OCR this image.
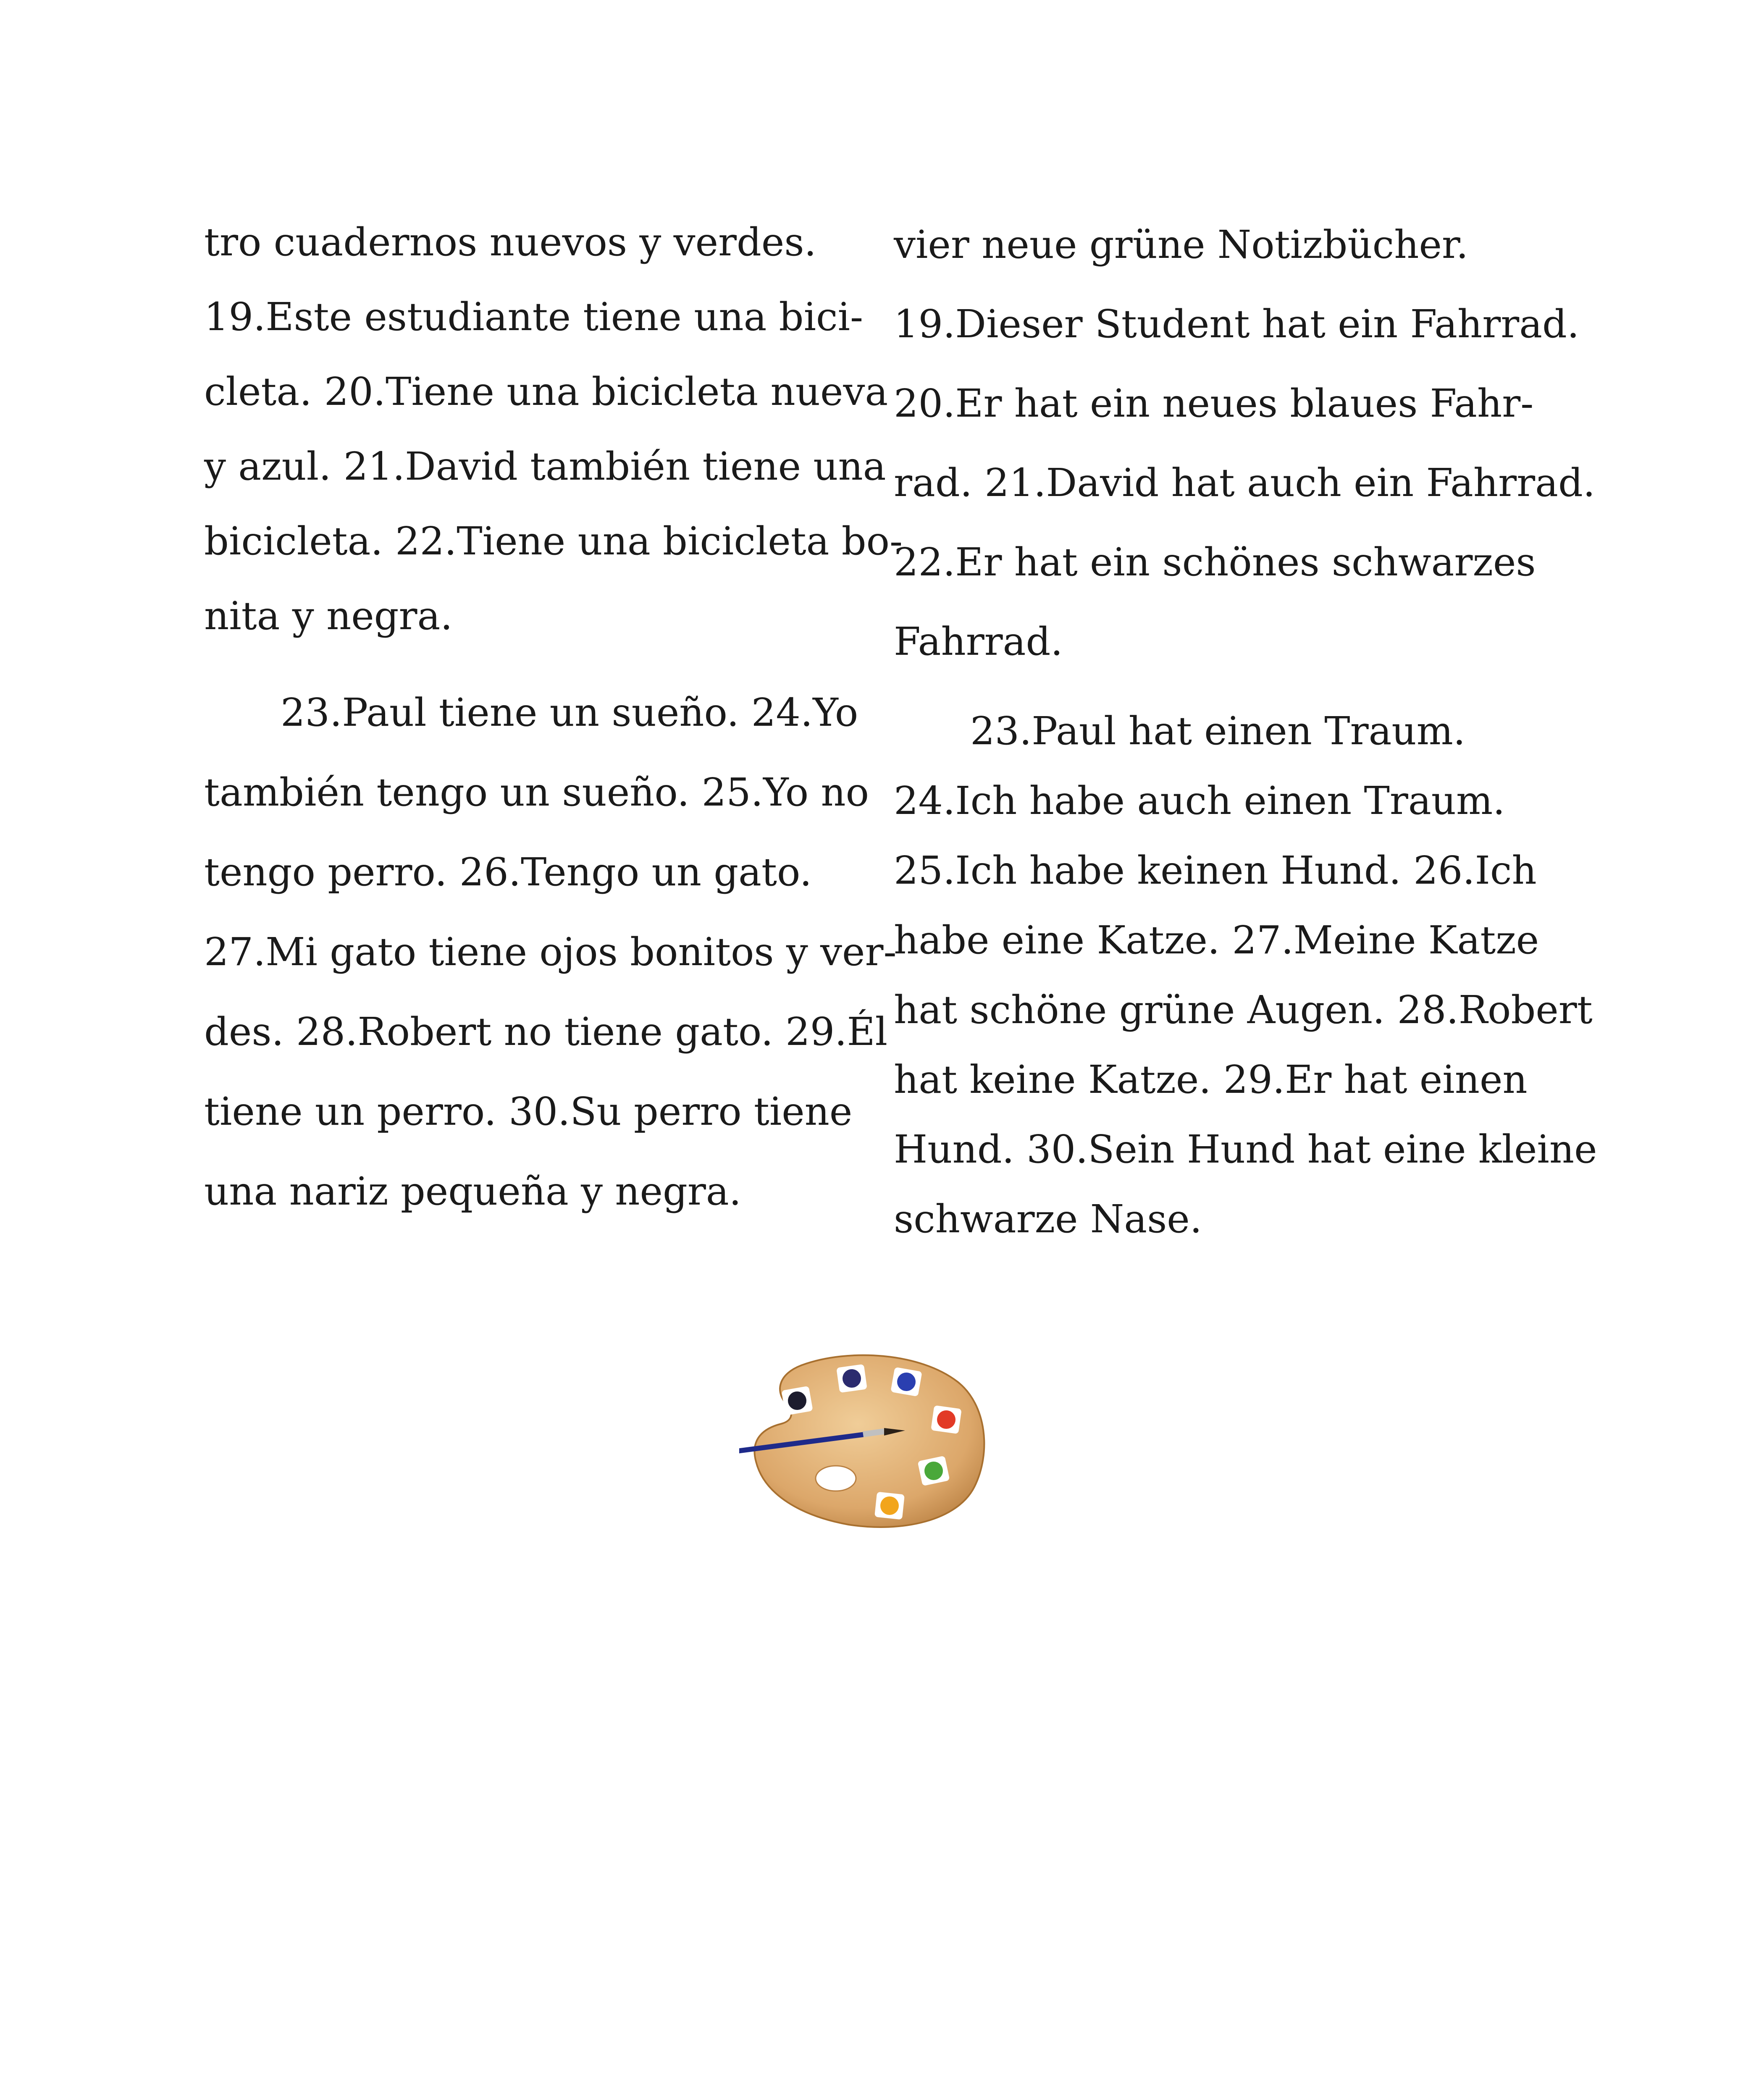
tro cuadernos nuevos y verdes.
19.Este estudiante tiene una bici-
cleta. 20.Tiene una bicicleta nueva
y azul. 21.David también tiene una
bicicleta. 22.Tiene una bicicleta bo-
nita y negra.
23.Paul tiene un sueño. 24.Yo
también tengo un sueño. 25.Yo no
tengo perro. 26.Tengo un gato.
27.Mi gato tiene ojos bonitos y ver-
des. 28.Robert no tiene gato. 29.Él
tiene un perro. 30.Su perro tiene
una nariz pequeña y negra.
vier neue grüne Notizbücher.
19.Dieser Student hat ein Fahrrad.
20.Er hat ein neues blaues Fahr-
rad. 21.David hat auch ein Fahrrad.
22.Er hat ein schönes schwarzes
Fahrrad.
23.Paul hat einen Traum.
24.Ich habe auch einen Traum.
25.Ich habe keinen Hund. 26.Ich
habe eine Katze. 27.Meine Katze
hat schöne grüne Augen. 28.Robert
hat keine Katze. 29.Er hat einen
Hund. 30.Sein Hund hat eine kleine
schwarze Nase.
